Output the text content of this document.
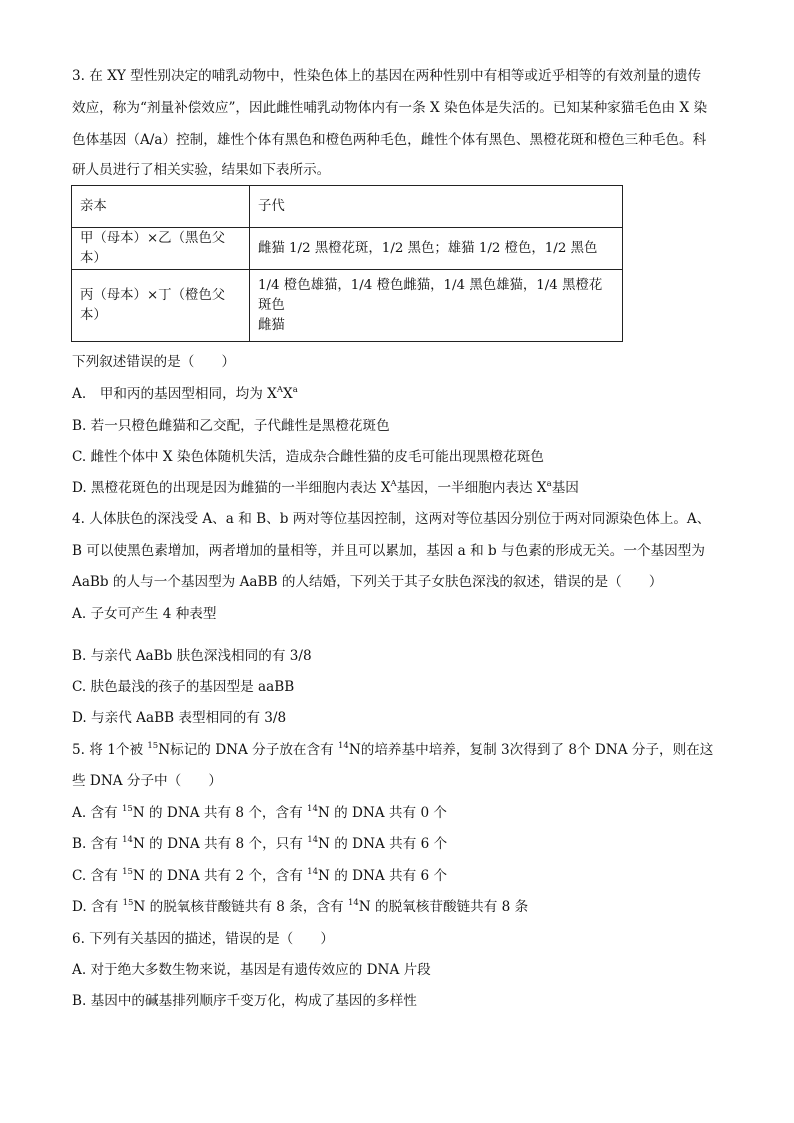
3. 在 XY 型性别决定的哺乳动物中，性染色体上的基因在两种性别中有相等或近乎相等的有效剂量的遗传
效应，称为“剂量补偿效应”，因此雌性哺乳动物体内有一条 X 染色体是失活的。已知某种家猫毛色由 X 染
色体基因（A/a）控制，雄性个体有黑色和橙色两种毛色，雌性个体有黑色、黑橙花斑和橙色三种毛色。科
研人员进行了相关实验，结果如下表所示。
亲本	子代
甲（母本）×乙（黑色父本）	雌猫 1/2 黑橙花斑，1/2 黑色；雄猫 1/2 橙色，1/2 黑色
丙（母本）×丁（橙色父本）	1/4 橙色雄猫，1/4 橙色雌猫，1/4 黑色雄猫，1/4 黑橙花斑色
雌猫
下列叙述错误的是（　　）
A.　甲和丙的基因型相同，均为 $X^AX^a$
B. 若一只橙色雌猫和乙交配，子代雌性是黑橙花斑色
C. 雌性个体中 X 染色体随机失活，造成杂合雌性猫的皮毛可能出现黑橙花斑色
D. 黑橙花斑色的出现是因为雌猫的一半细胞内表达 $X^A$基因，一半细胞内表达 $X^a$基因
4. 人体肤色的深浅受 A、a 和 B、b 两对等位基因控制，这两对等位基因分别位于两对同源染色体上。A、
B 可以使黑色素增加，两者增加的量相等，并且可以累加，基因 a 和 b 与色素的形成无关。一个基因型为
AaBb 的人与一个基因型为 AaBB 的人结婚，下列关于其子女肤色深浅的叙述，错误的是（　　）
A. 子女可产生 4 种表型
B. 与亲代 AaBb 肤色深浅相同的有 3/8
C. 肤色最浅的孩子的基因型是 aaBB
D. 与亲代 AaBB 表型相同的有 3/8
5. 将 1个被 $^{15}$N标记的 DNA 分子放在含有 $^{14}$N的培养基中培养，复制 3次得到了 8个 DNA 分子，则在这
些 DNA 分子中（　　）
A. 含有 $^{15}$N 的 DNA 共有 8 个，含有 $^{14}$N 的 DNA 共有 0 个
B. 含有 $^{14}$N 的 DNA 共有 8 个，只有 $^{14}$N 的 DNA 共有 6 个
C. 含有 $^{15}$N 的 DNA 共有 2 个，含有 $^{14}$N 的 DNA 共有 6 个
D. 含有 $^{15}$N 的脱氧核苷酸链共有 8 条，含有 $^{14}$N 的脱氧核苷酸链共有 8 条
6. 下列有关基因的描述，错误的是（　　）
A. 对于绝大多数生物来说，基因是有遗传效应的 DNA 片段
B. 基因中的碱基排列顺序千变万化，构成了基因的多样性
